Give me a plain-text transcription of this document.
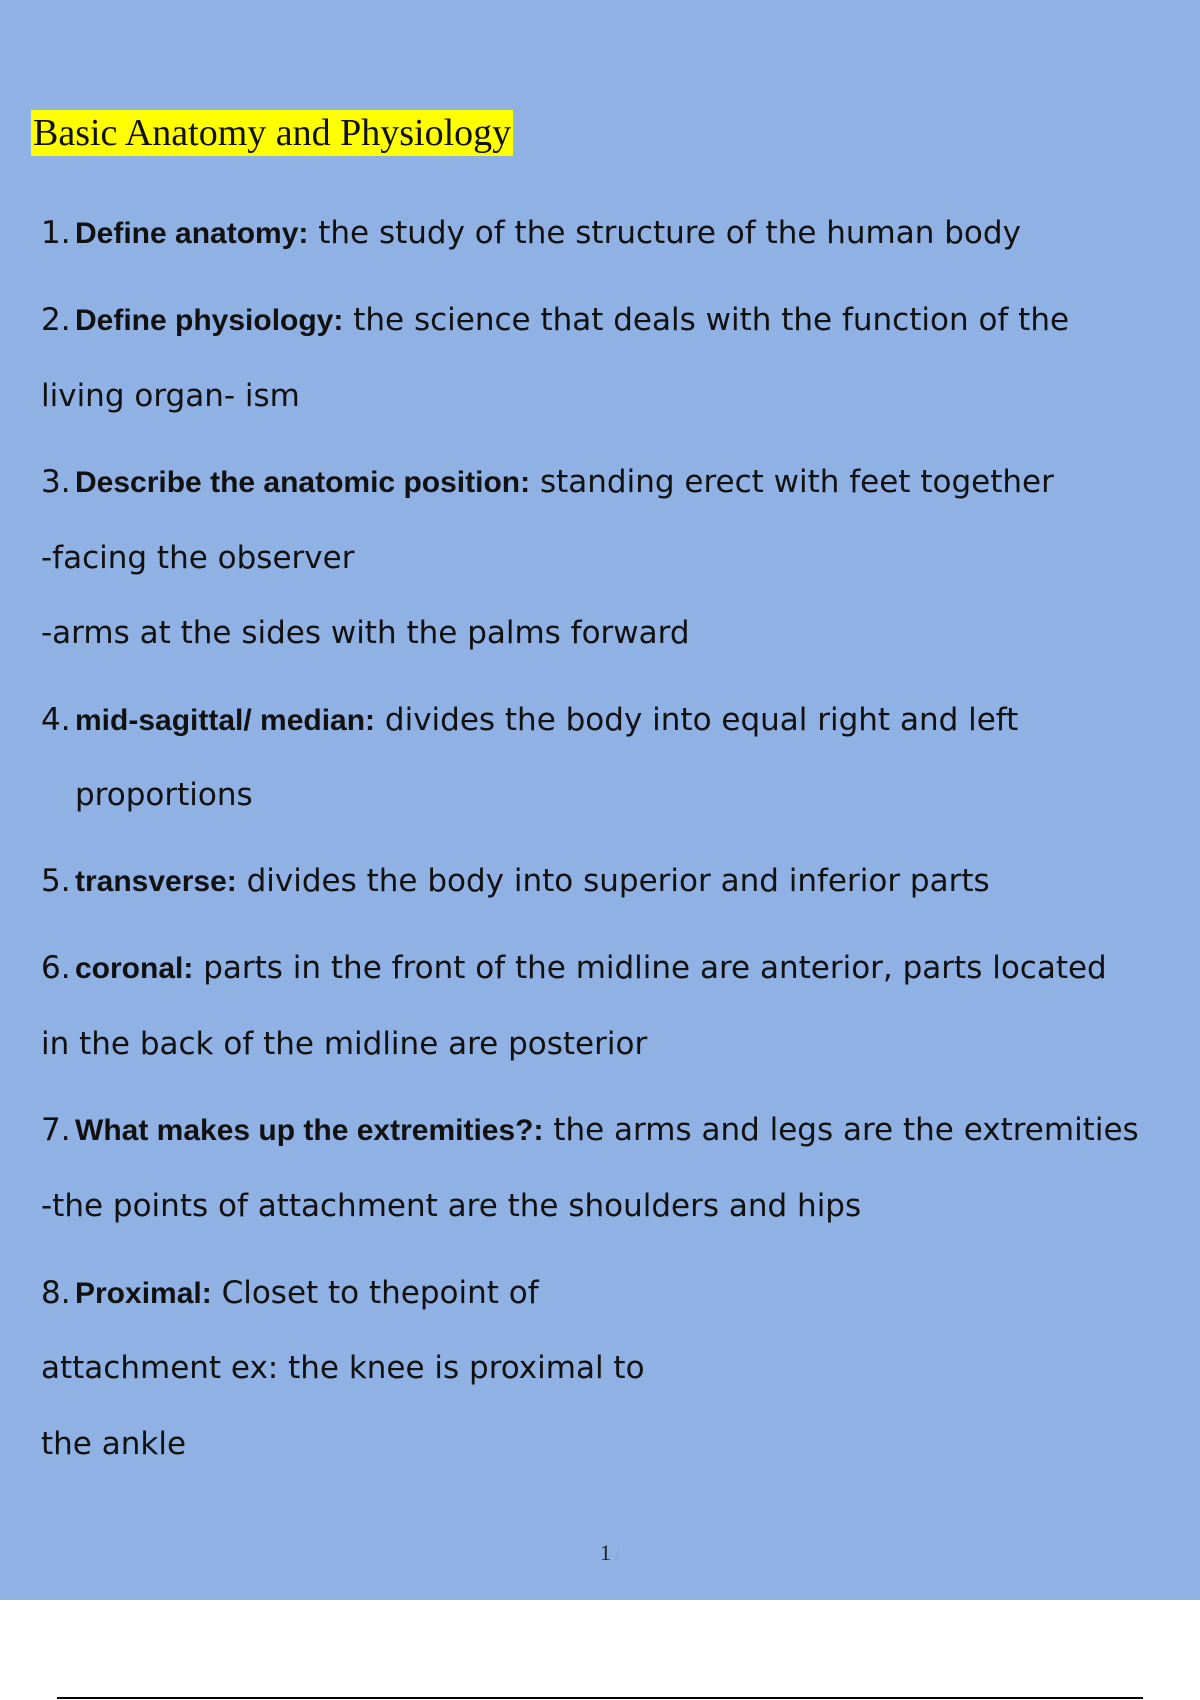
Basic Anatomy and Physiology

1. Define anatomy: the study of the structure of the human body

2. Define physiology: the science that deals with the function of the

living organ- ism

3. Describe the anatomic position: standing erect with feet together

-facing the observer

-arms at the sides with the palms forward

4. mid-sagittal/ median: divides the body into equal right and left

proportions

5. transverse: divides the body into superior and inferior parts

6. coronal: parts in the front of the midline are anterior, parts located

in the back of the midline are posterior

7. What makes up the extremities?: the arms and legs are the extremities

-the points of attachment are the shoulders and hips

8. Proximal: Closet to thepoint of

attachment ex: the knee is proximal to

the ankle

1 /
